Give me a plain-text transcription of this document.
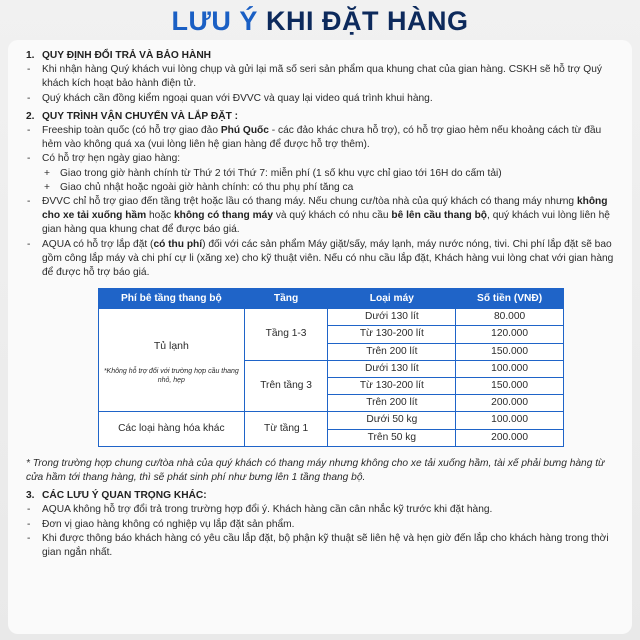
LƯU Ý KHI ĐẶT HÀNG
1. QUY ĐỊNH ĐỔI TRẢ VÀ BẢO HÀNH
- Khi nhận hàng Quý khách vui lòng chụp và gửi lại mã số seri sản phẩm qua khung chat của gian hàng. CSKH sẽ hỗ trợ Quý khách kích hoạt bảo hành điện tử.
- Quý khách cần đồng kiểm ngoại quan với ĐVVC và quay lại video quá trình khui hàng.
2. QUY TRÌNH VẬN CHUYỂN VÀ LẮP ĐẶT :
- Freeship toàn quốc (có hỗ trợ giao đảo Phú Quốc - các đảo khác chưa hỗ trợ), có hỗ trợ giao hẻm nếu khoảng cách từ đầu hẻm vào không quá xa (vui lòng liên hệ gian hàng để được hỗ trợ thêm).
- Có hỗ trợ hẹn ngày giao hàng:
+ Giao trong giờ hành chính từ Thứ 2 tới Thứ 7: miễn phí (1 số khu vực chỉ giao tới 16H do cấm tải)
+ Giao chủ nhật hoặc ngoài giờ hành chính: có thu phụ phí tăng ca
- ĐVVC chỉ hỗ trợ giao đến tầng trệt hoặc lầu có thang máy. Nếu chung cư/tòa nhà của quý khách có thang máy nhưng không cho xe tải xuống hầm hoặc không có thang máy và quý khách có nhu cầu bê lên cầu thang bộ, quý khách vui lòng liên hệ gian hàng qua khung chat để được báo giá.
- AQUA có hỗ trợ lắp đặt (có thu phí) đối với các sản phẩm Máy giặt/sấy, máy lạnh, máy nước nóng, tivi. Chi phí lắp đặt sẽ bao gồm công lắp máy và chi phí cự li (xăng xe) cho kỹ thuật viên. Nếu có nhu cầu lắp đặt, Khách hàng vui lòng chat với gian hàng để được hỗ trợ báo giá.
Phí bê tầng thang bộ	Tầng	Loại máy	Số tiền (VNĐ)

Tủ lạnh
*Không hỗ trợ đối với trường hợp cầu thang nhỏ, hẹp	Tầng 1-3	Dưới 130 lít	80.000
		Từ 130-200 lít	120.000
		Trên 200 lít	150.000
	Trên tầng 3	Dưới 130 lít	100.000
		Từ 130-200 lít	150.000
		Trên 200 lít	200.000
Các loại hàng hóa khác	Từ tầng 1	Dưới 50 kg	100.000
		Trên 50 kg	200.000
* Trong trường hợp chung cư/tòa nhà của quý khách có thang máy nhưng không cho xe tải xuống hầm, tài xế phải bưng hàng từ cửa hầm tới thang hàng, thì sẽ phát sinh phí như bưng lên 1 tầng thang bộ.
3. CÁC LƯU Ý QUAN TRỌNG KHÁC:
- AQUA không hỗ trợ đổi trả trong trường hợp đổi ý. Khách hàng cần cân nhắc kỹ trước khi đặt hàng.
- Đơn vị giao hàng không có nghiệp vụ lắp đặt sản phẩm.
- Khi được thông báo khách hàng có yêu cầu lắp đặt, bộ phận kỹ thuật sẽ liên hệ và hẹn giờ đến lắp cho khách hàng trong thời gian ngắn nhất.
